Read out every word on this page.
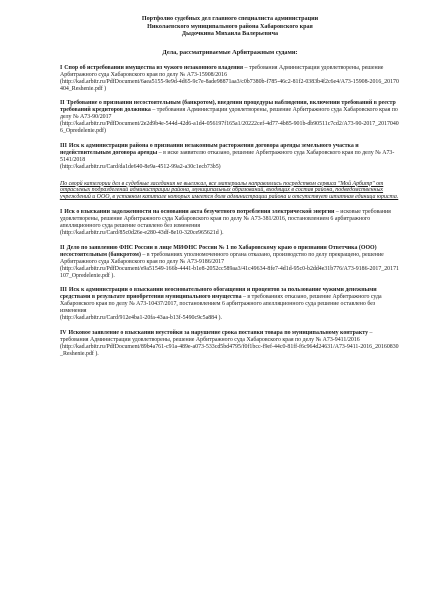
Портфолио судебных дел главного специалиста администрации
Николаевского муниципального района Хабаровского края
Дыдочкина Михаила Валерьевича
Дела, рассматриваемые Арбитражным судами:
I Спор об истребовании имущества из чужого незаконного владения – требования Администрации удовлетворены, решение Арбитражного суда Хабаровского края по делу № А73-15908/2016
(http://kad.arbitr.ru/PdfDocument/6aea5155-9e9d-4d65-9c7e-8ade98871aa3/c0b7380b-f785-46c2-81f2-0383b4f2c6e4/A73-15908-2016_20170404_Reshenie.pdf )
II Требование о признании несостоятельным (банкротом), введении процедуры наблюдения, включении требований в реестр требований кредиторов должника – требования Администрации удовлетворены, решение Арбитражного суда Хабаровского края по делу № А73-90/2017
(http://kad.arbitr.ru/PdfDocument/2e2d9b4e-544d-42d6-a1d4-056197f165a1/20222cef-4d77-4b85-901b-db90511c7cd2/A73-90-2017_20170406_Opredelenie.pdf)
III Иск к администрации района о признании незаконным расторжения договора аренды земельного участка и недействительным договора аренды – в иске заявителю отказано, решение Арбитражного суда Хабаровского края по делу № А73-5141/2018
(http://kad.arbitr.ru/Card/da1de640-8e9a-4512-99a2-a30c1ecb73b5)
По сворй категории дел в судебные заседания не выезжал, все материалы направлялись посредством сервиса "Мой Арбитр" от отраслевых подразделений администрации района, муниципальных образований, входящих в состав района, подведомственных учреждений и ООО, в уставном капитале которых имеется доля администрации района и отсутствует штатная единица юриста.
I Иск о взыскании задолженности на основании акта безучетного потребления электрической энергии – исковые требования удовлетворены, решение Арбитражного суда Хабаровского края по делу № А73-381/2016, постановлением 6 арбитражного апелляционного суда решение оставлено без изменения
(http://kad.arbitr.ru/Card/85c0d26e-e280-43df-8e10-320ce965621d ).
II Дело по заявлению ФНС России в лице МИФНС России № 1 по Хабаровскому краю о признании Ответчика (ООО) несостоятельным (банкротом) – в требованиях уполномоченного органа отказано, производство по делу прекращено, решение Арбитражного суда Хабаровского края по делу № А73-9186/2017
(http://kad.arbitr.ru/PdfDocument/e9a51549-166b-4441-b1e8-2052cc589aa3/41c49634-8fe7-4d1d-95c0-b2dd4e31b776/A73-9186-2017_20171107_Opredelenie.pdf ).
III Иск к администрации о взыскании неосновательного обогащения и процентов за пользование чужими денежными средствами в результате приобретения муниципального имущества – в требованиях отказано, решение Арбитражного суда Хабаровского края по делу № А73-10437/2017, постановлением 6 арбитражного апелляционного суда решение оставлено без изменения
(http://kad.arbitr.ru/Card/912e4ba1-20fa-43aa-b13f-5490c9c5a884 ).
IV Исковое заявление о взыскании неустойки за нарушение срока поставки товара по муниципальному контракту – требования Администрации удовлетворены, решение Арбитражного суда Хабаровского края по делу № А73-9411/2016
(http://kad.arbitr.ru/PdfDocument/89b4a761-c91a-489e-a073-533cd5bd4795/f0f1bcc-f9ef-44c0-81ff-f6c964d24631/A73-9411-2016_20160830_Reshenie.pdf ).
